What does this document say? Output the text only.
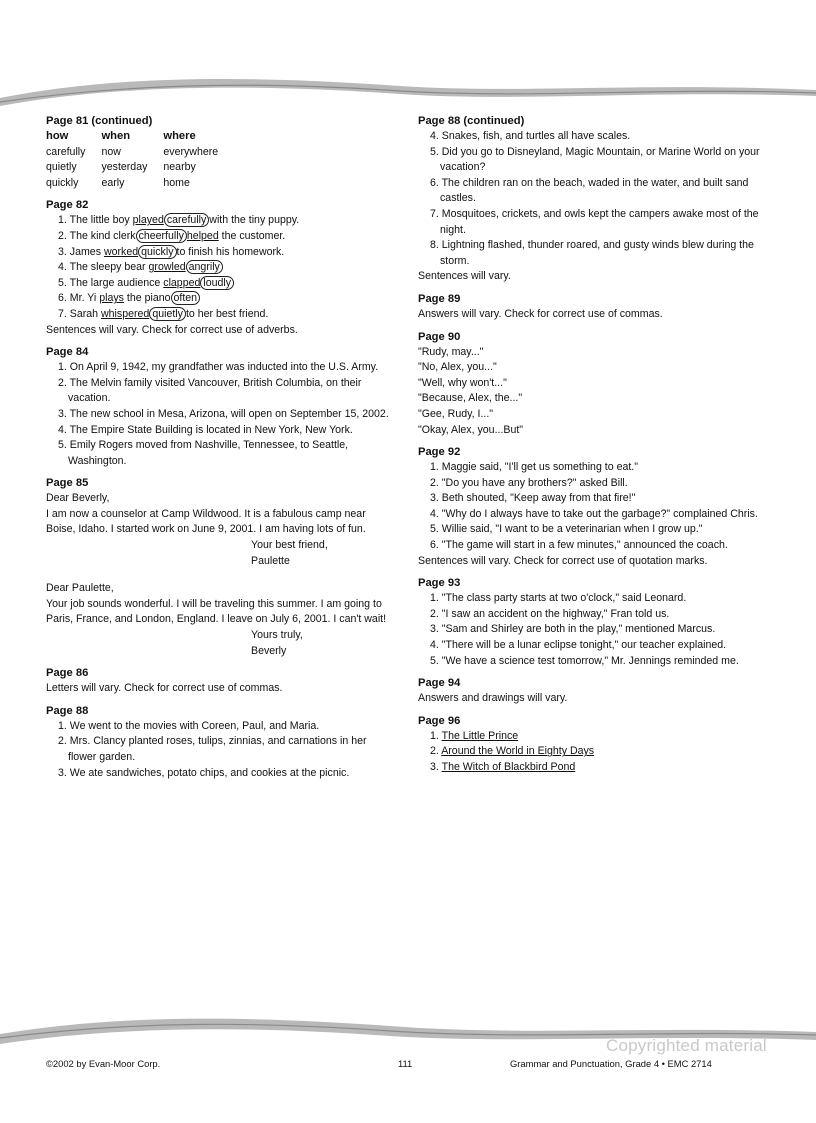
Page 81 (continued)
how	when	where
carefully	now	everywhere
quietly	yesterday	nearby
quickly	early	home
Page 82
1. The little boy played carefully with the tiny puppy.
2. The kind clerk cheerfully helped the customer.
3. James worked quickly to finish his homework.
4. The sleepy bear growled angrily
5. The large audience clapped loudly
6. Mr. Yi plays the piano often
7. Sarah whispered quietly to her best friend.
Sentences will vary. Check for correct use of adverbs.
Page 84
1. On April 9, 1942, my grandfather was inducted into the U.S. Army.
2. The Melvin family visited Vancouver, British Columbia, on their vacation.
3. The new school in Mesa, Arizona, will open on September 15, 2002.
4. The Empire State Building is located in New York, New York.
5. Emily Rogers moved from Nashville, Tennessee, to Seattle, Washington.
Page 85
Dear Beverly,
I am now a counselor at Camp Wildwood. It is a fabulous camp near Boise, Idaho. I started work on June 9, 2001. I am having lots of fun.
Your best friend,
Paulette
Dear Paulette,
Your job sounds wonderful. I will be traveling this summer. I am going to Paris, France, and London, England. I leave on July 6, 2001. I can't wait!
Yours truly,
Beverly
Page 86
Letters will vary. Check for correct use of commas.
Page 88
1. We went to the movies with Coreen, Paul, and Maria.
2. Mrs. Clancy planted roses, tulips, zinnias, and carnations in her flower garden.
3. We ate sandwiches, potato chips, and cookies at the picnic.
Page 88 (continued)
4. Snakes, fish, and turtles all have scales.
5. Did you go to Disneyland, Magic Mountain, or Marine World on your vacation?
6. The children ran on the beach, waded in the water, and built sand castles.
7. Mosquitoes, crickets, and owls kept the campers awake most of the night.
8. Lightning flashed, thunder roared, and gusty winds blew during the storm.
Sentences will vary.
Page 89
Answers will vary. Check for correct use of commas.
Page 90
"Rudy, may..."
"No, Alex, you..."
"Well, why won't..."
"Because, Alex, the..."
"Gee, Rudy, I..."
"Okay, Alex, you...But"
Page 92
1. Maggie said, "I'll get us something to eat."
2. "Do you have any brothers?" asked Bill.
3. Beth shouted, "Keep away from that fire!"
4. "Why do I always have to take out the garbage?" complained Chris.
5. Willie said, "I want to be a veterinarian when I grow up."
6. "The game will start in a few minutes," announced the coach.
Sentences will vary. Check for correct use of quotation marks.
Page 93
1. "The class party starts at two o'clock," said Leonard.
2. "I saw an accident on the highway," Fran told us.
3. "Sam and Shirley are both in the play," mentioned Marcus.
4. "There will be a lunar eclipse tonight," our teacher explained.
5. "We have a science test tomorrow," Mr. Jennings reminded me.
Page 94
Answers and drawings will vary.
Page 96
1. The Little Prince
2. Around the World in Eighty Days
3. The Witch of Blackbird Pond
Copyrighted material
©2002 by Evan-Moor Corp.	111	Grammar and Punctuation, Grade 4 • EMC 2714
